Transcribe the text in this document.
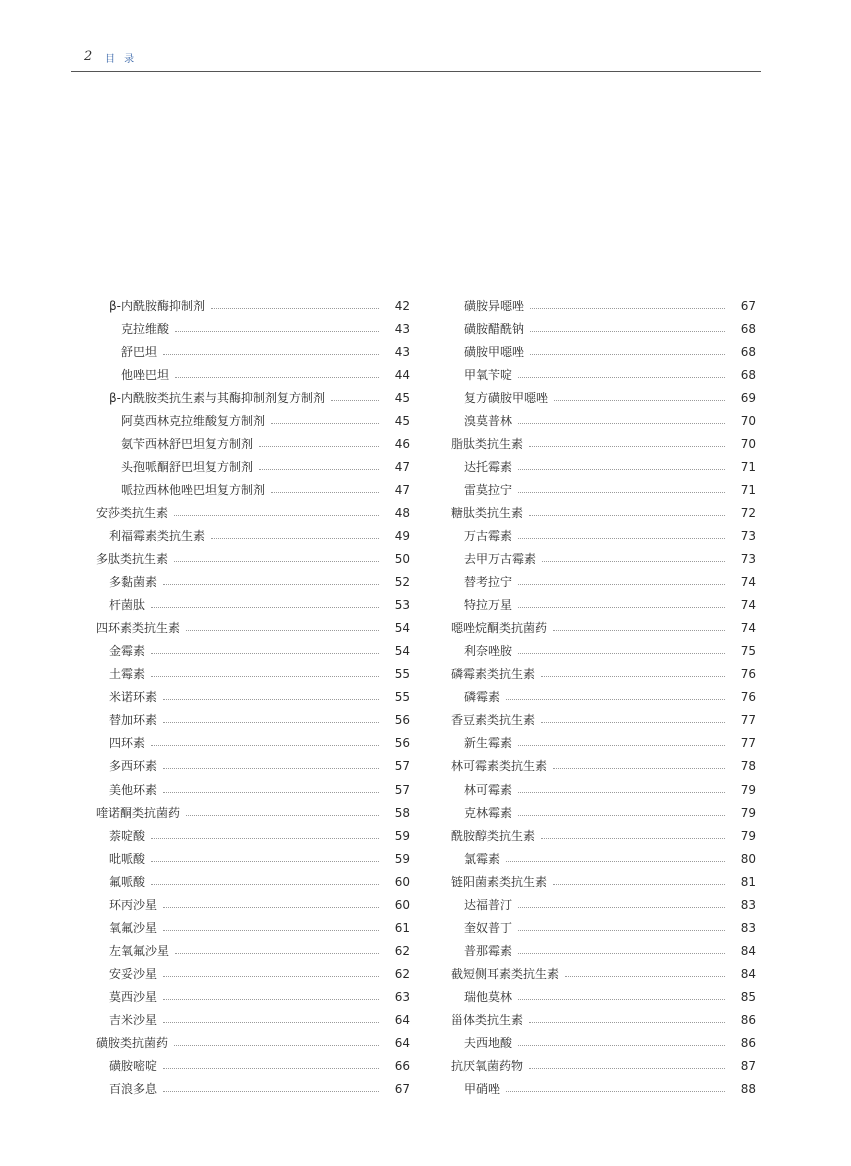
2 目 录
β-内酰胺酶抑制剂	42
克拉维酸	43
舒巴坦	43
他唑巴坦	44
β-内酰胺类抗生素与其酶抑制剂复方制剂	45
阿莫西林克拉维酸复方制剂	45
氨苄西林舒巴坦复方制剂	46
头孢哌酮舒巴坦复方制剂	47
哌拉西林他唑巴坦复方制剂	47
安莎类抗生素	48
利福霉素类抗生素	49
多肽类抗生素	50
多黏菌素	52
杆菌肽	53
四环素类抗生素	54
金霉素	54
土霉素	55
米诺环素	55
替加环素	56
四环素	56
多西环素	57
美他环素	57
喹诺酮类抗菌药	58
萘啶酸	59
吡哌酸	59
氟哌酸	60
环丙沙星	60
氧氟沙星	61
左氧氟沙星	62
安妥沙星	62
莫西沙星	63
吉米沙星	64
磺胺类抗菌药	64
磺胺嘧啶	66
百浪多息	67
磺胺异噁唑	67
磺胺醋酰钠	68
磺胺甲噁唑	68
甲氧苄啶	68
复方磺胺甲噁唑	69
溴莫普林	70
脂肽类抗生素	70
达托霉素	71
雷莫拉宁	71
糖肽类抗生素	72
万古霉素	73
去甲万古霉素	73
替考拉宁	74
特拉万星	74
噁唑烷酮类抗菌药	74
利奈唑胺	75
磷霉素类抗生素	76
磷霉素	76
香豆素类抗生素	77
新生霉素	77
林可霉素类抗生素	78
林可霉素	79
克林霉素	79
酰胺醇类抗生素	79
氯霉素	80
链阳菌素类抗生素	81
达福普汀	83
奎奴普丁	83
普那霉素	84
截短侧耳素类抗生素	84
瑞他莫林	85
甾体类抗生素	86
夫西地酸	86
抗厌氧菌药物	87
甲硝唑	88
